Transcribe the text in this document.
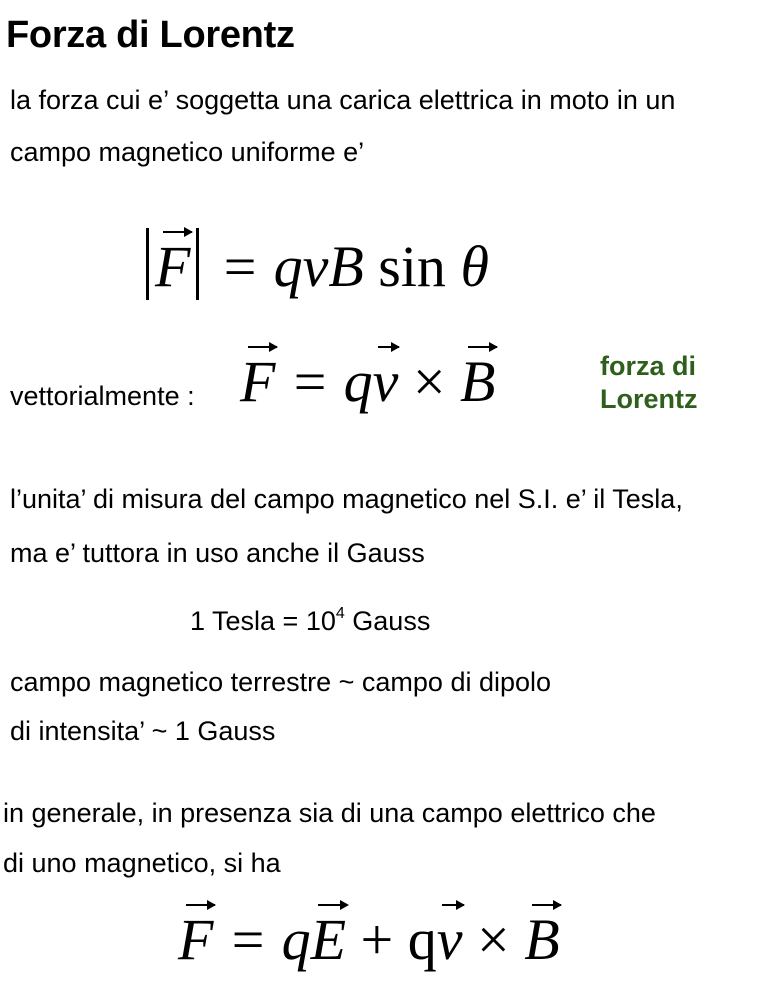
Forza di Lorentz
la forza cui e’ soggetta una carica elettrica in moto in un
campo magnetico uniforme e’
F = qvB sin θ
vettorialmente : F = qv × B	forza di
Lorentz
l’unita’ di misura del campo magnetico nel S.I. e’ il Tesla,
ma e’ tuttora in uso anche il Gauss
1 Tesla = $10^4$ Gauss
campo magnetico terrestre ~ campo di dipolo
di intensita’ ~ 1 Gauss
in generale, in presenza sia di una campo elettrico che
di uno magnetico, si ha
F = qE + qv × B
